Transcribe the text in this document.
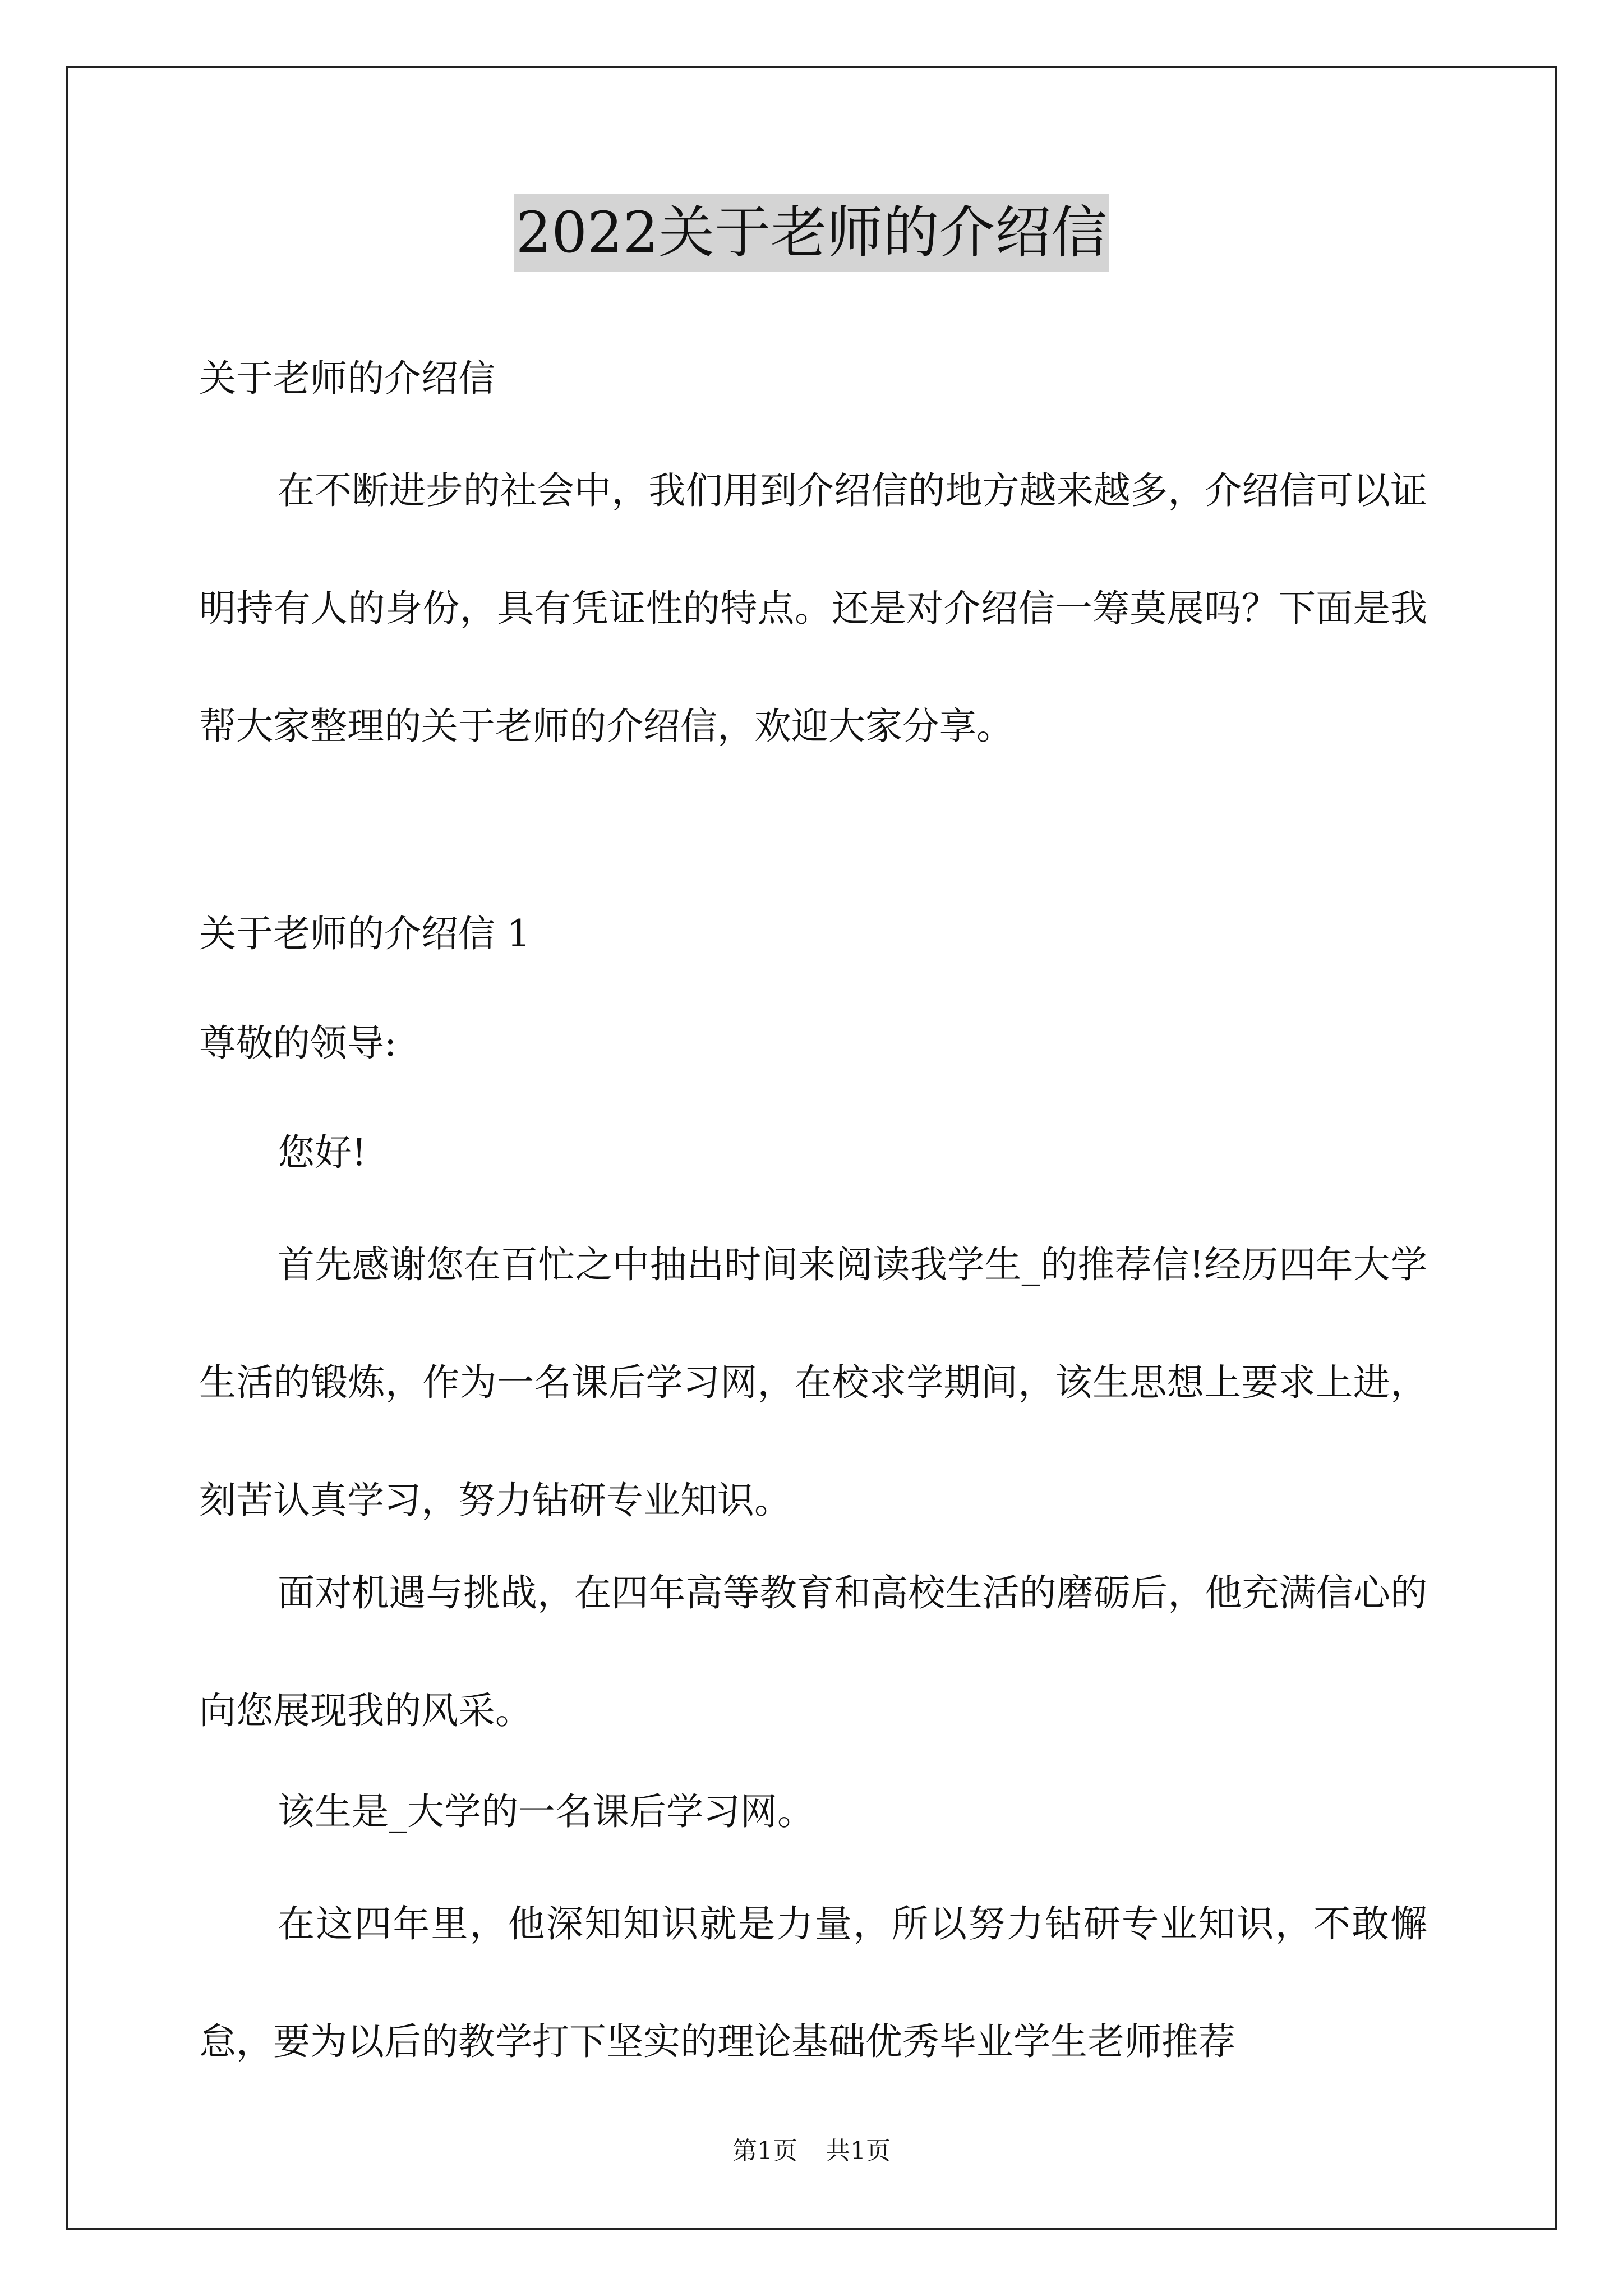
2022关于老师的介绍信

关于老师的介绍信

在不断进步的社会中，我们用到介绍信的地方越来越多，介绍信可以证明持有人的身份，具有凭证性的特点。还是对介绍信一筹莫展吗？下面是我帮大家整理的关于老师的介绍信，欢迎大家分享。

关于老师的介绍信 1

尊敬的领导:

您好!

首先感谢您在百忙之中抽出时间来阅读我学生_的推荐信!经历四年大学生活的锻炼，作为一名课后学习网，在校求学期间，该生思想上要求上进，刻苦认真学习，努力钻研专业知识。

面对机遇与挑战，在四年高等教育和高校生活的磨砺后，他充满信心的向您展现我的风采。

该生是_大学的一名课后学习网。

在这四年里，他深知知识就是力量，所以努力钻研专业知识，不敢懈怠，要为以后的教学打下坚实的理论基础优秀毕业学生老师推荐

第1页 共1页
